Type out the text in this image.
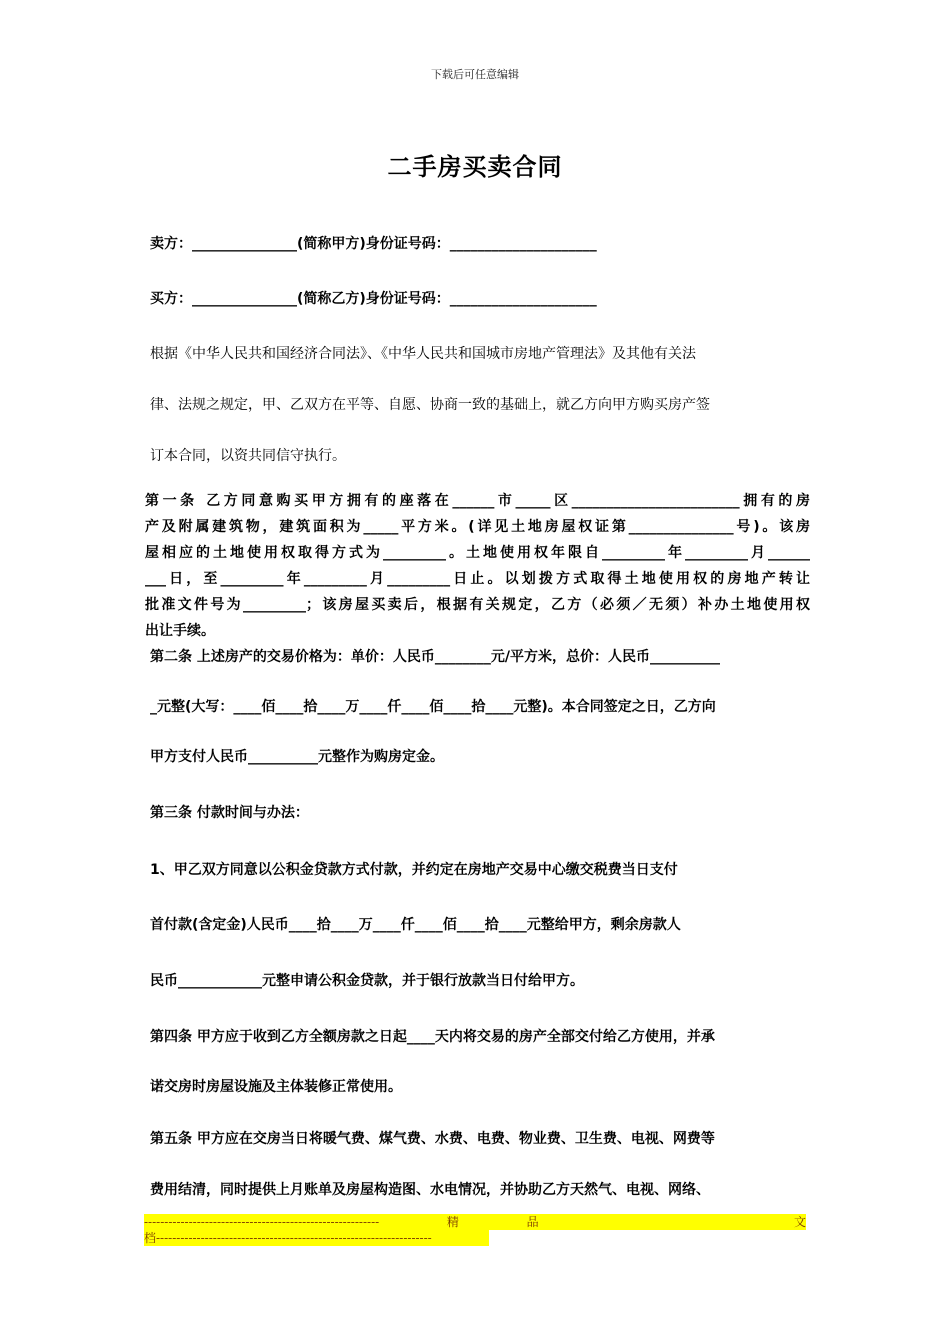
下载后可任意编辑
二手房买卖合同
卖方：_______________(简称甲方)身份证号码：_____________________
买方：_______________(简称乙方)身份证号码：_____________________
根据《中华人民共和国经济合同法》、《中华人民共和国城市房地产管理法》及其他有关法
律、法规之规定，甲、乙双方在平等、自愿、协商一致的基础上，就乙方向甲方购买房产签
订本合同，以资共同信守执行。
第一条 乙方同意购买甲方拥有的座落在______市_____区________________________拥有的房
产及附属建筑物，建筑面积为_____平方米。(详见土地房屋权证第_______________号)。该房
屋相应的土地使用权取得方式为_________。土地使用权年限自_________年_________月______
___日，至_________年_________月_________日止。以划拨方式取得土地使用权的房地产转让
批准文件号为_________；该房屋买卖后，根据有关规定，乙方（必须／无须）补办土地使用权
出让手续。
第二条 上述房产的交易价格为：单价：人民币________元/平方米，总价：人民币__________
_元整(大写：____佰____拾____万____仟____佰____拾____元整)。本合同签定之日，乙方向
甲方支付人民币__________元整作为购房定金。
第三条 付款时间与办法：
1、甲乙双方同意以公积金贷款方式付款，并约定在房地产交易中心缴交税费当日支付
首付款(含定金)人民币____拾____万____仟____佰____拾____元整给甲方，剩余房款人
民币____________元整申请公积金贷款，并于银行放款当日付给甲方。
第四条 甲方应于收到乙方全额房款之日起____天内将交易的房产全部交付给乙方使用，并承
诺交房时房屋设施及主体装修正常使用。
第五条 甲方应在交房当日将暖气费、煤气费、水费、电费、物业费、卫生费、电视、网费等
费用结清，同时提供上月账单及房屋构造图、水电情况，并协助乙方天然气、电视、网络、
----------------------------------------------------------	精	品	文
档--------------------------------------------------------------------
